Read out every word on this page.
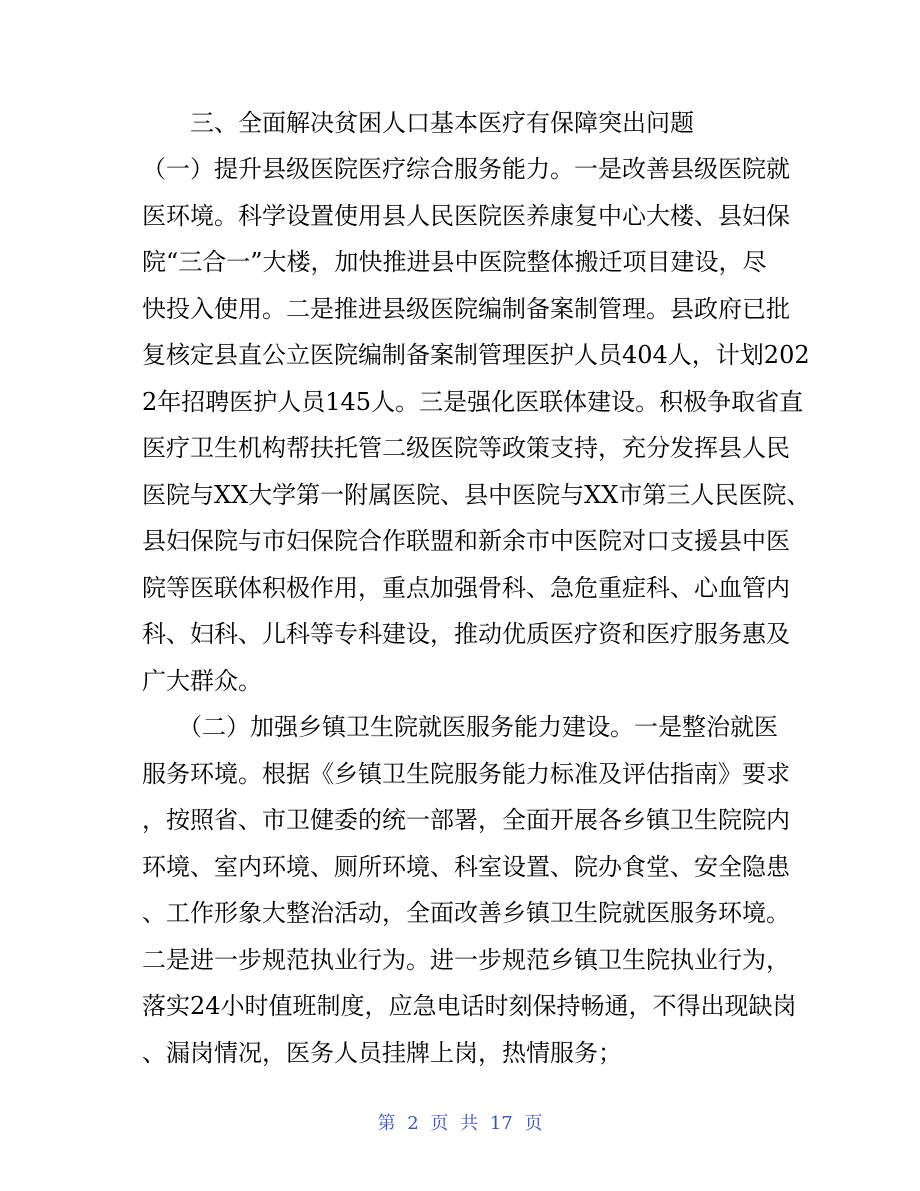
　　三、全面解决贫困人口基本医疗有保障突出问题
（一）提升县级医院医疗综合服务能力。一是改善县级医院就
医环境。科学设置使用县人民医院医养康复中心大楼、县妇保
院“三合一”大楼，加快推进县中医院整体搬迁项目建设，尽
快投入使用。二是推进县级医院编制备案制管理。县政府已批
复核定县直公立医院编制备案制管理医护人员404人，计划202
2年招聘医护人员145人。三是强化医联体建设。积极争取省直
医疗卫生机构帮扶托管二级医院等政策支持，充分发挥县人民
医院与XX大学第一附属医院、县中医院与XX市第三人民医院、
县妇保院与市妇保院合作联盟和新余市中医院对口支援县中医
院等医联体积极作用，重点加强骨科、急危重症科、心血管内
科、妇科、儿科等专科建设，推动优质医疗资和医疗服务惠及
广大群众。
　　（二）加强乡镇卫生院就医服务能力建设。一是整治就医
服务环境。根据《乡镇卫生院服务能力标准及评估指南》要求
，按照省、市卫健委的统一部署，全面开展各乡镇卫生院院内
环境、室内环境、厕所环境、科室设置、院办食堂、安全隐患
、工作形象大整治活动，全面改善乡镇卫生院就医服务环境。
二是进一步规范执业行为。进一步规范乡镇卫生院执业行为，
落实24小时值班制度，应急电话时刻保持畅通，不得出现缺岗
、漏岗情况，医务人员挂牌上岗，热情服务；
第 2 页 共 17 页
